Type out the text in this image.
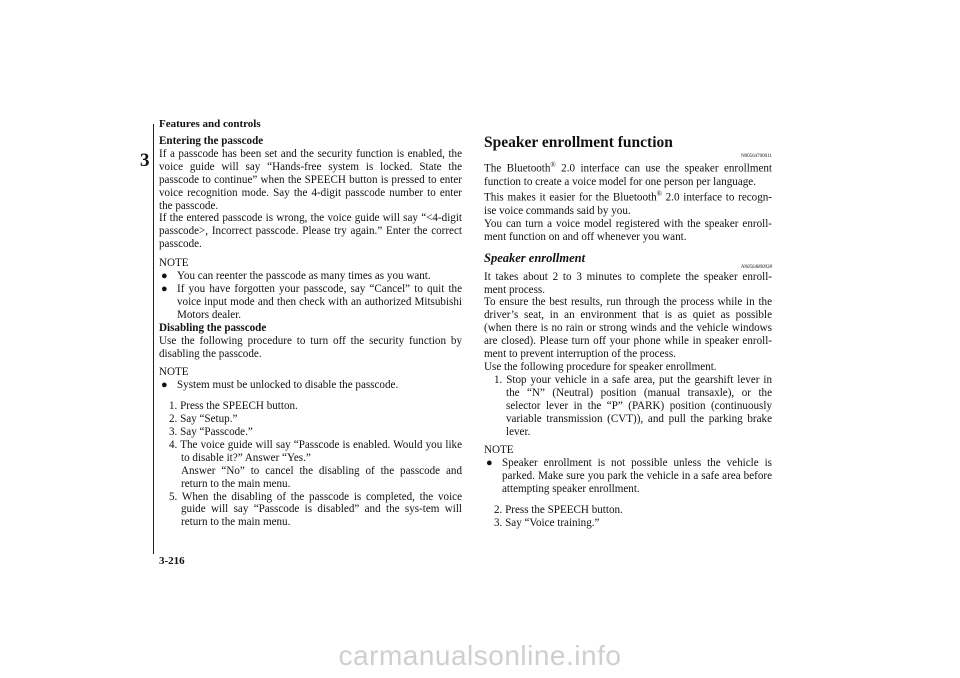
Features and controls
3
3-216

Entering the passcode

If a passcode has been set and the security function is enabled, the voice guide will say “Hands-free system is locked. State the passcode to continue” when the SPEECH button is pressed to enter voice recognition mode. Say the 4-digit passcode number to enter the passcode.

If the entered passcode is wrong, the voice guide will say “<4-digit passcode>, Incorrect passcode. Please try again.” Enter the correct passcode.

NOTE

● You can reenter the passcode as many times as you want.

● If you have forgotten your passcode, say “Cancel” to quit the voice input mode and then check with an authorized Mitsubishi Motors dealer.

Disabling the passcode

Use the following procedure to turn off the security function by disabling the passcode.

NOTE

● System must be unlocked to disable the passcode.

1. Press the SPEECH button.

2. Say “Setup.”

3. Say “Passcode.”

4. The voice guide will say “Passcode is enabled. Would you like to disable it?” Answer “Yes.”

Answer “No” to cancel the disabling of the passcode and return to the main menu.

5. When the disabling of the passcode is completed, the voice guide will say “Passcode is disabled” and the sys-tem will return to the main menu.

Speaker enrollment function
N00564700011

The Bluetooth® 2.0 interface can use the speaker enrollment function to create a voice model for one person per language.

This makes it easier for the Bluetooth® 2.0 interface to recogn-ise voice commands said by you.

You can turn a voice model registered with the speaker enroll-ment function on and off whenever you want.

Speaker enrollment
N00564800038

It takes about 2 to 3 minutes to complete the speaker enroll-ment process.

To ensure the best results, run through the process while in the driver’s seat, in an environment that is as quiet as possible (when there is no rain or strong winds and the vehicle windows are closed). Please turn off your phone while in speaker enroll-ment to prevent interruption of the process.

Use the following procedure for speaker enrollment.

1. Stop your vehicle in a safe area, put the gearshift lever in the “N” (Neutral) position (manual transaxle), or the selector lever in the “P” (PARK) position (continuously variable transmission (CVT)), and pull the parking brake lever.

NOTE

● Speaker enrollment is not possible unless the vehicle is parked. Make sure you park the vehicle in a safe area before attempting speaker enrollment.

2. Press the SPEECH button.

3. Say “Voice training.”

carmanualsonline.info
